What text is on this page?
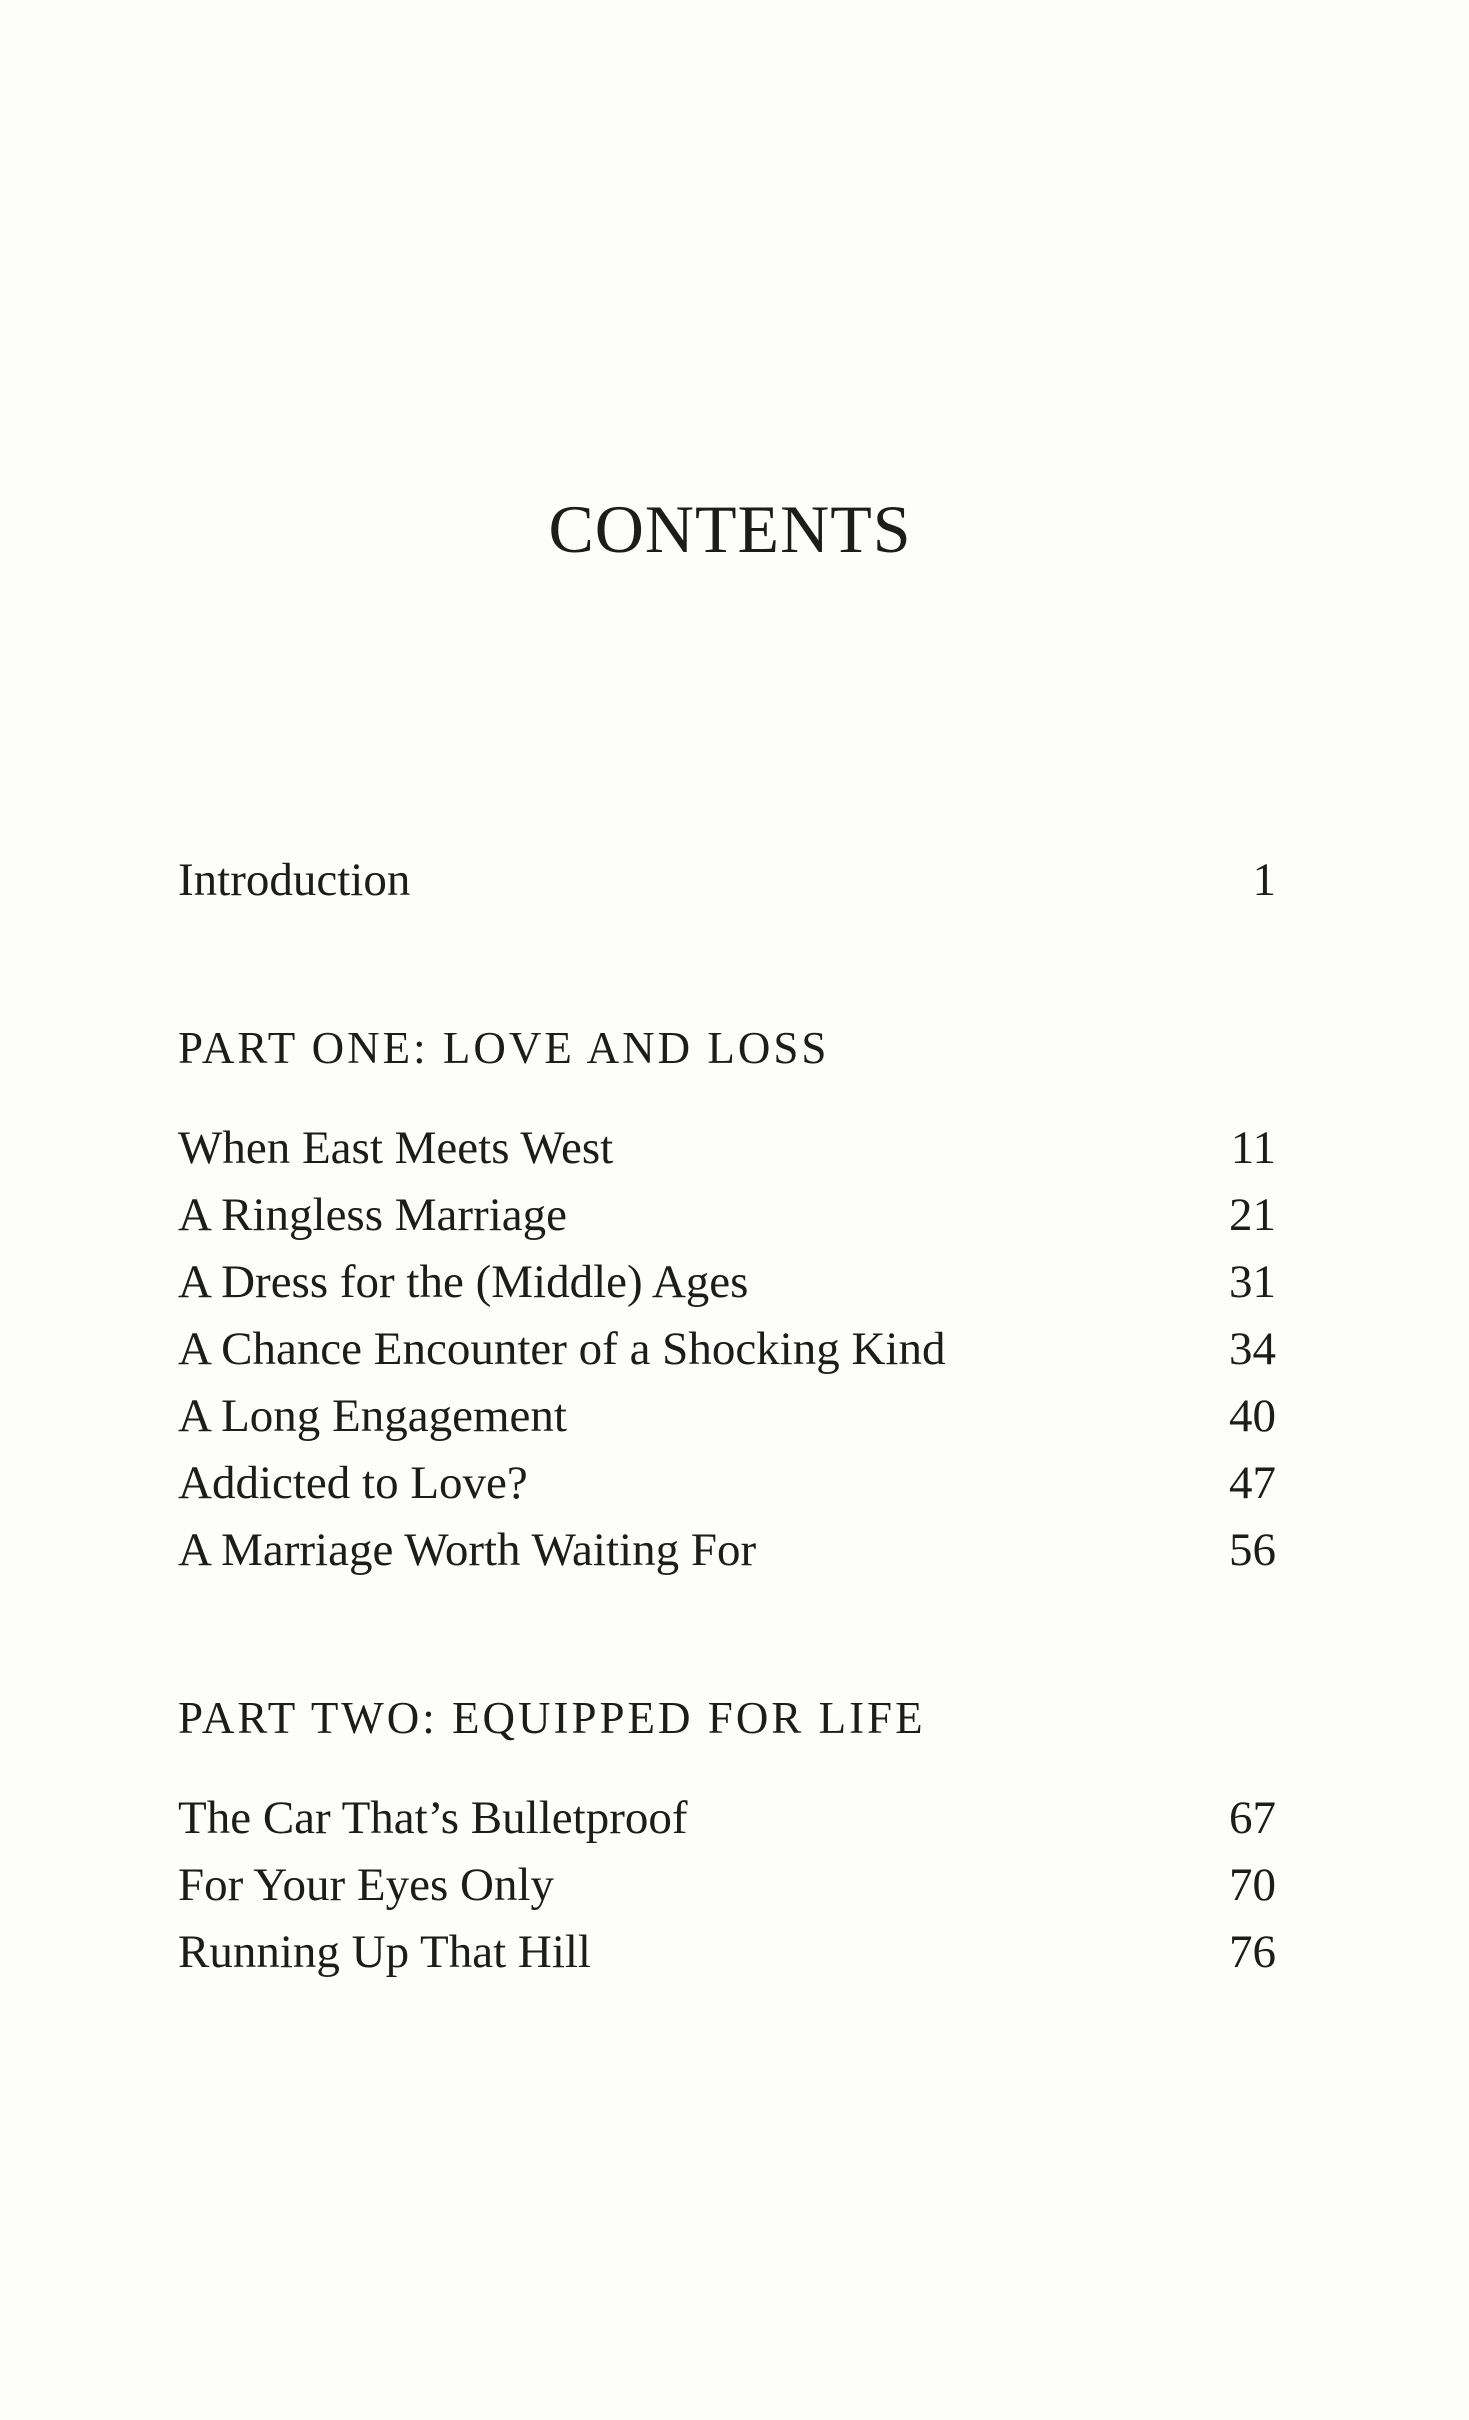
CONTENTS
Introduction	1
PART ONE: LOVE AND LOSS
When East Meets West	11
A Ringless Marriage	21
A Dress for the (Middle) Ages	31
A Chance Encounter of a Shocking Kind	34
A Long Engagement	40
Addicted to Love?	47
A Marriage Worth Waiting For	56
PART TWO: EQUIPPED FOR LIFE
The Car That’s Bulletproof	67
For Your Eyes Only	70
Running Up That Hill	76
